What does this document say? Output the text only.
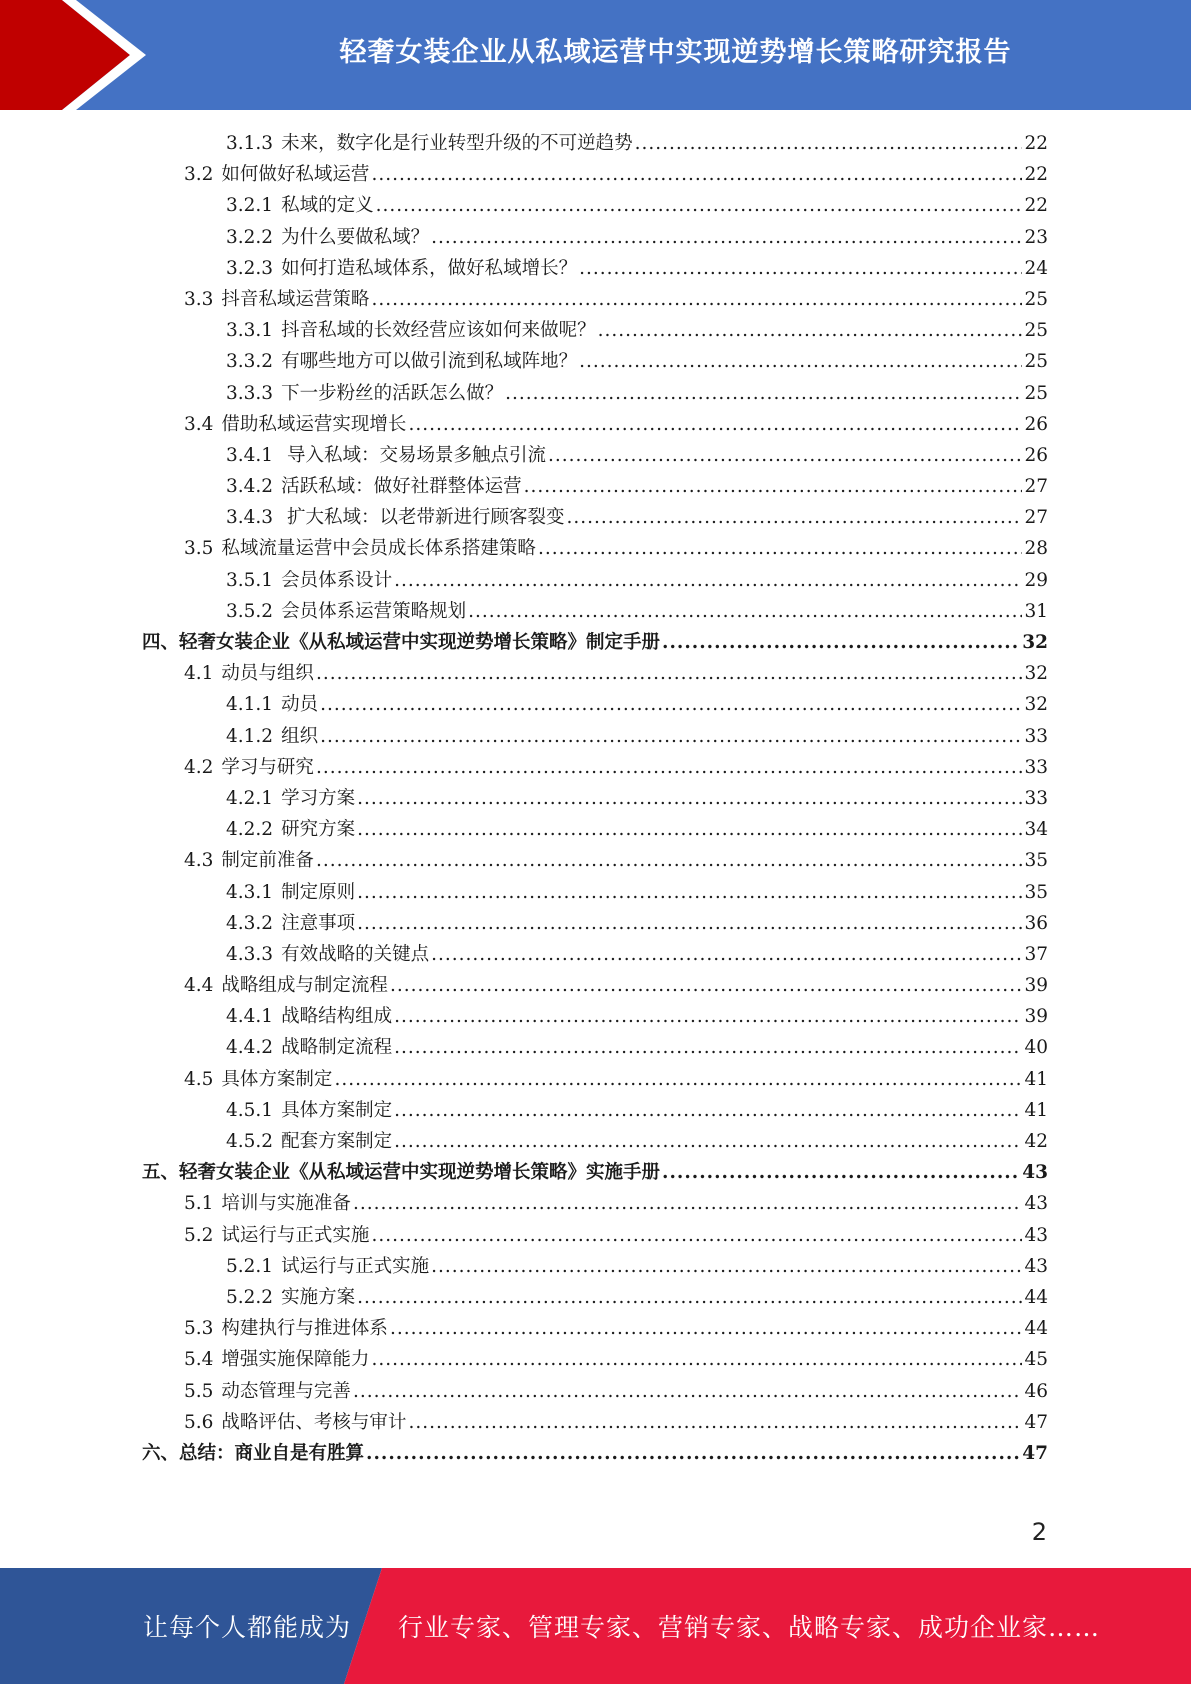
轻奢女装企业从私域运营中实现逆势增长策略研究报告
3.1.3 未来，数字化是行业转型升级的不可逆趋势 .....	22
3.2 如何做好私域运营 .....	22
3.2.1 私域的定义 .....	22
3.2.2 为什么要做私域？ .....	23
3.2.3 如何打造私域体系，做好私域增长？ .....	24
3.3 抖音私域运营策略 .....	25
3.3.1 抖音私域的长效经营应该如何来做呢？ .....	25
3.3.2 有哪些地方可以做引流到私域阵地？ .....	25
3.3.3 下一步粉丝的活跃怎么做？ .....	25
3.4 借助私域运营实现增长 .....	26
3.4.1 导入私域：交易场景多触点引流 .....	26
3.4.2 活跃私域：做好社群整体运营 .....	27
3.4.3 扩大私域：以老带新进行顾客裂变 .....	27
3.5 私域流量运营中会员成长体系搭建策略 .....	28
3.5.1 会员体系设计 .....	29
3.5.2 会员体系运营策略规划 .....	31
四、轻奢女装企业《从私域运营中实现逆势增长策略》制定手册 .....	32
4.1 动员与组织 .....	32
4.1.1 动员 .....	32
4.1.2 组织 .....	33
4.2 学习与研究 .....	33
4.2.1 学习方案 .....	33
4.2.2 研究方案 .....	34
4.3 制定前准备 .....	35
4.3.1 制定原则 .....	35
4.3.2 注意事项 .....	36
4.3.3 有效战略的关键点 .....	37
4.4 战略组成与制定流程 .....	39
4.4.1 战略结构组成 .....	39
4.4.2 战略制定流程 .....	40
4.5 具体方案制定 .....	41
4.5.1 具体方案制定 .....	41
4.5.2 配套方案制定 .....	42
五、轻奢女装企业《从私域运营中实现逆势增长策略》实施手册 .....	43
5.1 培训与实施准备 .....	43
5.2 试运行与正式实施 .....	43
5.2.1 试运行与正式实施 .....	43
5.2.2 实施方案 .....	44
5.3 构建执行与推进体系 .....	44
5.4 增强实施保障能力 .....	45
5.5 动态管理与完善 .....	46
5.6 战略评估、考核与审计 .....	47
六、总结：商业自是有胜算 .....	47
2
让每个人都能成为 行业专家、管理专家、营销专家、战略专家、成功企业家……
